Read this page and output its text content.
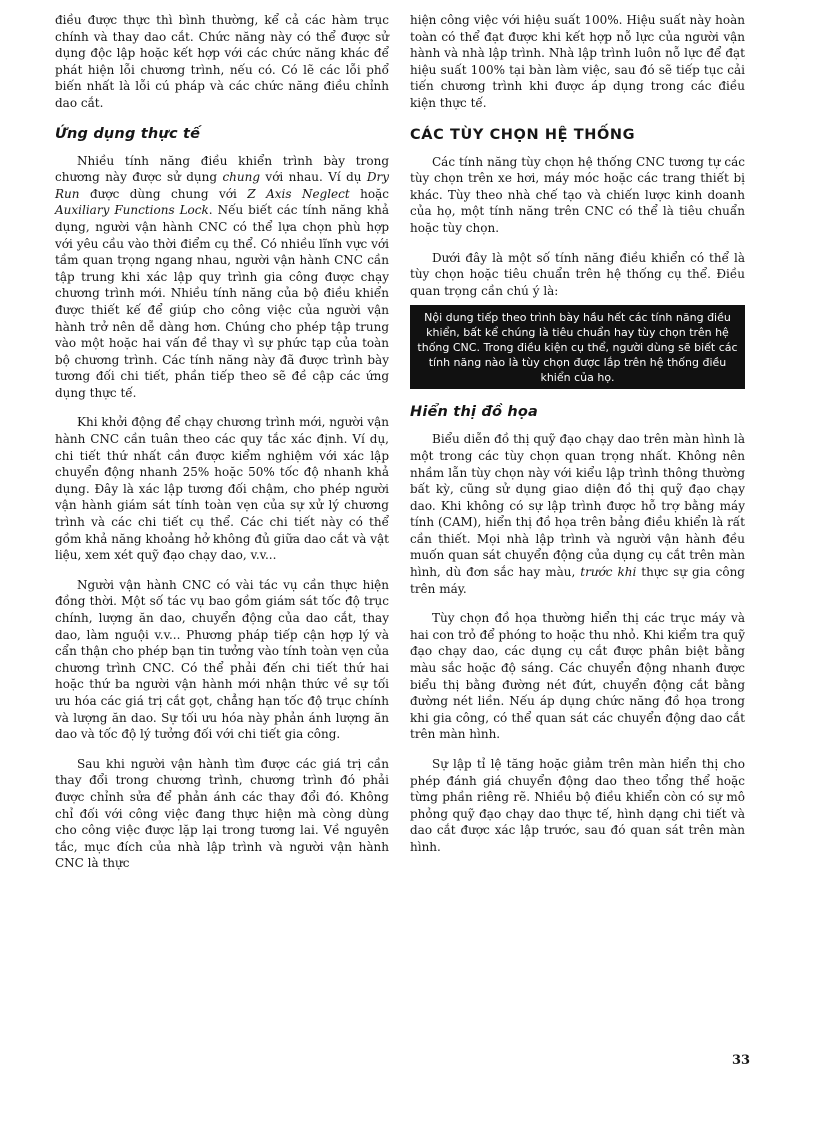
điều được thực thì bình thường, kể cả các hàm trục chính và thay dao cắt. Chức năng này có thể được sử dụng độc lập hoặc kết hợp với các chức năng khác để phát hiện lỗi chương trình, nếu có. Có lẽ các lỗi phổ biến nhất là lỗi cú pháp và các chức năng điều chỉnh dao cắt.

Ứng dụng thực tế

Nhiều tính năng điều khiển trình bày trong chương này được sử dụng chung với nhau. Ví dụ Dry Run được dùng chung với Z Axis Neglect hoặc Auxiliary Functions Lock. Nếu biết các tính năng khả dụng, người vận hành CNC có thể lựa chọn phù hợp với yêu cầu vào thời điểm cụ thể. Có nhiều lĩnh vực với tầm quan trọng ngang nhau, người vận hành CNC cần tập trung khi xác lập quy trình gia công được chạy chương trình mới. Nhiều tính năng của bộ điều khiển được thiết kế để giúp cho công việc của người vận hành trở nên dễ dàng hơn. Chúng cho phép tập trung vào một hoặc hai vấn đề thay vì sự phức tạp của toàn bộ chương trình. Các tính năng này đã được trình bày tương đối chi tiết, phần tiếp theo sẽ đề cập các ứng dụng thực tế.

Khi khởi động để chạy chương trình mới, người vận hành CNC cần tuân theo các quy tắc xác định. Ví dụ, chi tiết thứ nhất cần được kiểm nghiệm với xác lập chuyển động nhanh 25% hoặc 50% tốc độ nhanh khả dụng. Đây là xác lập tương đối chậm, cho phép người vận hành giám sát tính toàn vẹn của sự xử lý chương trình và các chi tiết cụ thể. Các chi tiết này có thể gồm khả năng khoảng hở không đủ giữa dao cắt và vật liệu, xem xét quỹ đạo chạy dao, v.v...

Người vận hành CNC có vài tác vụ cần thực hiện đồng thời. Một số tác vụ bao gồm giám sát tốc độ trục chính, lượng ăn dao, chuyển động của dao cắt, thay dao, làm nguội v.v... Phương pháp tiếp cận hợp lý và cẩn thận cho phép bạn tin tưởng vào tính toàn vẹn của chương trình CNC. Có thể phải đến chi tiết thứ hai hoặc thứ ba người vận hành mới nhận thức về sự tối ưu hóa các giá trị cắt gọt, chẳng hạn tốc độ trục chính và lượng ăn dao. Sự tối ưu hóa này phản ánh lượng ăn dao và tốc độ lý tưởng đối với chi tiết gia công.

Sau khi người vận hành tìm được các giá trị cần thay đổi trong chương trình, chương trình đó phải được chỉnh sửa để phản ánh các thay đổi đó. Không chỉ đối với công việc đang thực hiện mà còng dùng cho công việc được lặp lại trong tương lai. Về nguyên tắc, mục đích của nhà lập trình và người vận hành CNC là thực

hiện công việc với hiệu suất 100%. Hiệu suất này hoàn toàn có thể đạt được khi kết hợp nỗ lực của người vận hành và nhà lập trình. Nhà lập trình luôn nỗ lực để đạt hiệu suất 100% tại bàn làm việc, sau đó sẽ tiếp tục cải tiến chương trình khi được áp dụng trong các điều kiện thực tế.

CÁC TÙY CHỌN HỆ THỐNG

Các tính năng tùy chọn hệ thống CNC tương tự các tùy chọn trên xe hơi, máy móc hoặc các trang thiết bị khác. Tùy theo nhà chế tạo và chiến lược kinh doanh của họ, một tính năng trên CNC có thể là tiêu chuẩn hoặc tùy chọn.

Dưới đây là một số tính năng điều khiển có thể là tùy chọn hoặc tiêu chuẩn trên hệ thống cụ thể. Điều quan trọng cần chú ý là:

Nội dung tiếp theo trình bày hầu hết các tính năng điều khiển, bất kể chúng là tiêu chuẩn hay tùy chọn trên hệ thống CNC. Trong điều kiện cụ thể, người dùng sẽ biết các tính năng nào là tùy chọn được lắp trên hệ thống điều khiển của họ.
Hiển thị đồ họa

Biểu diễn đồ thị quỹ đạo chạy dao trên màn hình là một trong các tùy chọn quan trọng nhất. Không nên nhầm lẫn tùy chọn này với kiểu lập trình thông thường bất kỳ, cũng sử dụng giao diện đồ thị quỹ đạo chạy dao. Khi không có sự lập trình được hỗ trợ bằng máy tính (CAM), hiển thị đồ họa trên bảng điều khiển là rất cần thiết. Mọi nhà lập trình và người vận hành đều muốn quan sát chuyển động của dụng cụ cắt trên màn hình, dù đơn sắc hay màu, trước khi thực sự gia công trên máy.

Tùy chọn đồ họa thường hiển thị các trục máy và hai con trỏ để phóng to hoặc thu nhỏ. Khi kiểm tra quỹ đạo chạy dao, các dụng cụ cắt được phân biệt bằng màu sắc hoặc độ sáng. Các chuyển động nhanh được biểu thị bằng đường nét đứt, chuyển động cắt bằng đường nét liền. Nếu áp dụng chức năng đồ họa trong khi gia công, có thể quan sát các chuyển động dao cắt trên màn hình.

Sự lập tỉ lệ tăng hoặc giảm trên màn hiển thị cho phép đánh giá chuyển động dao theo tổng thể hoặc từng phần riêng rẽ. Nhiều bộ điều khiển còn có sự mô phỏng quỹ đạo chạy dao thực tế, hình dạng chi tiết và dao cắt được xác lập trước, sau đó quan sát trên màn hình.

33
